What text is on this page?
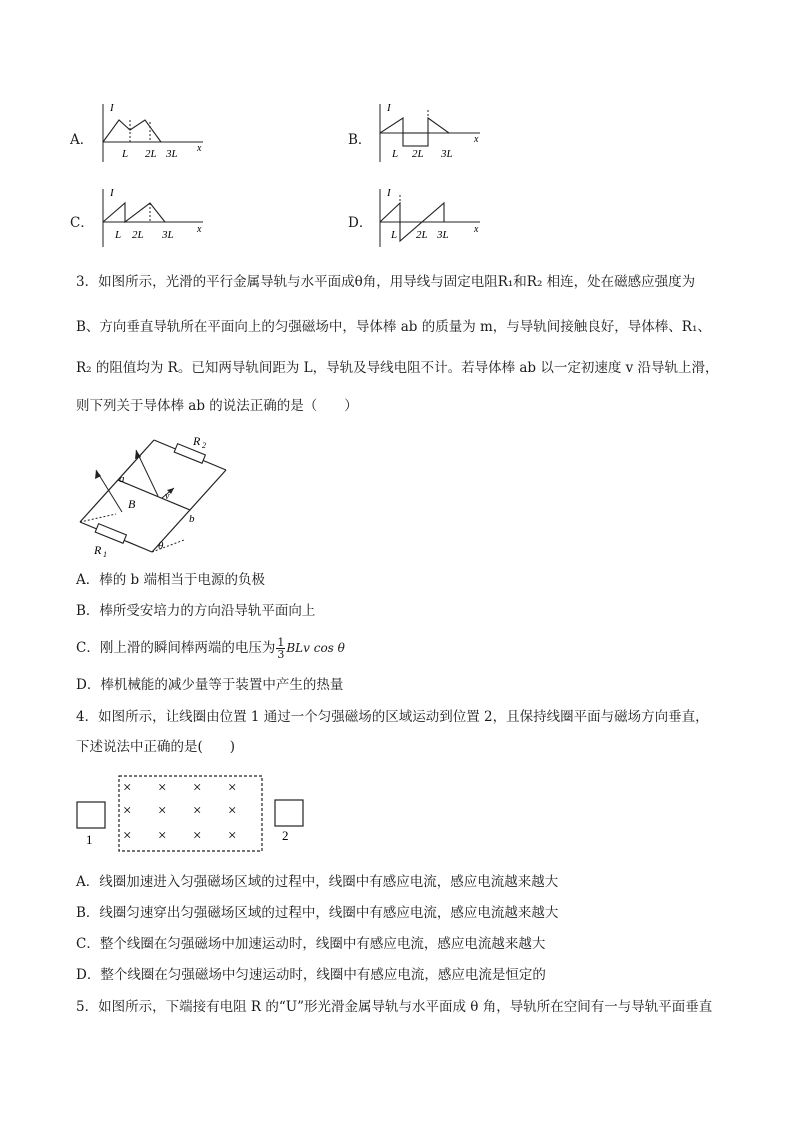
A．	B．
C．	D．
I
x
L 2L 3L
I
x
L 2L 3L
I
x
L 2L 3L
I
x
L 2L 3L
3．如图所示，光滑的平行金属导轨与水平面成θ角，用导线与固定电阻R₁和R₂ 相连，处在磁感应强度为
B、方向垂直导轨所在平面向上的匀强磁场中，导体棒 ab 的质量为 m，与导轨间接触良好，导体棒、R₁、
R₂ 的阻值均为 R。已知两导轨间距为 L，导轨及导线电阻不计。若导体棒 ab 以一定初速度 v 沿导轨上滑，
则下列关于导体棒 ab 的说法正确的是（　　）
R 2
R 1
a
b
B
v
θ
A．棒的 b 端相当于电源的负极
B．棒所受安培力的方向沿导轨平面向上
C．刚上滑的瞬间棒两端的电压为 $\frac{1}{3}$ BLv cos θ
D．棒机械能的减少量等于装置中产生的热量
4．如图所示，让线圈由位置 1 通过一个匀强磁场的区域运动到位置 2，且保持线圈平面与磁场方向垂直，
下述说法中正确的是(　　)
1
× × × ×
× × × ×
× × × ×	2
A．线圈加速进入匀强磁场区域的过程中，线圈中有感应电流，感应电流越来越大
B．线圈匀速穿出匀强磁场区域的过程中，线圈中有感应电流，感应电流越来越大
C．整个线圈在匀强磁场中加速运动时，线圈中有感应电流，感应电流越来越大
D．整个线圈在匀强磁场中匀速运动时，线圈中有感应电流，感应电流是恒定的
5．如图所示，下端接有电阻 R 的“U”形光滑金属导轨与水平面成 θ 角，导轨所在空间有一与导轨平面垂直
